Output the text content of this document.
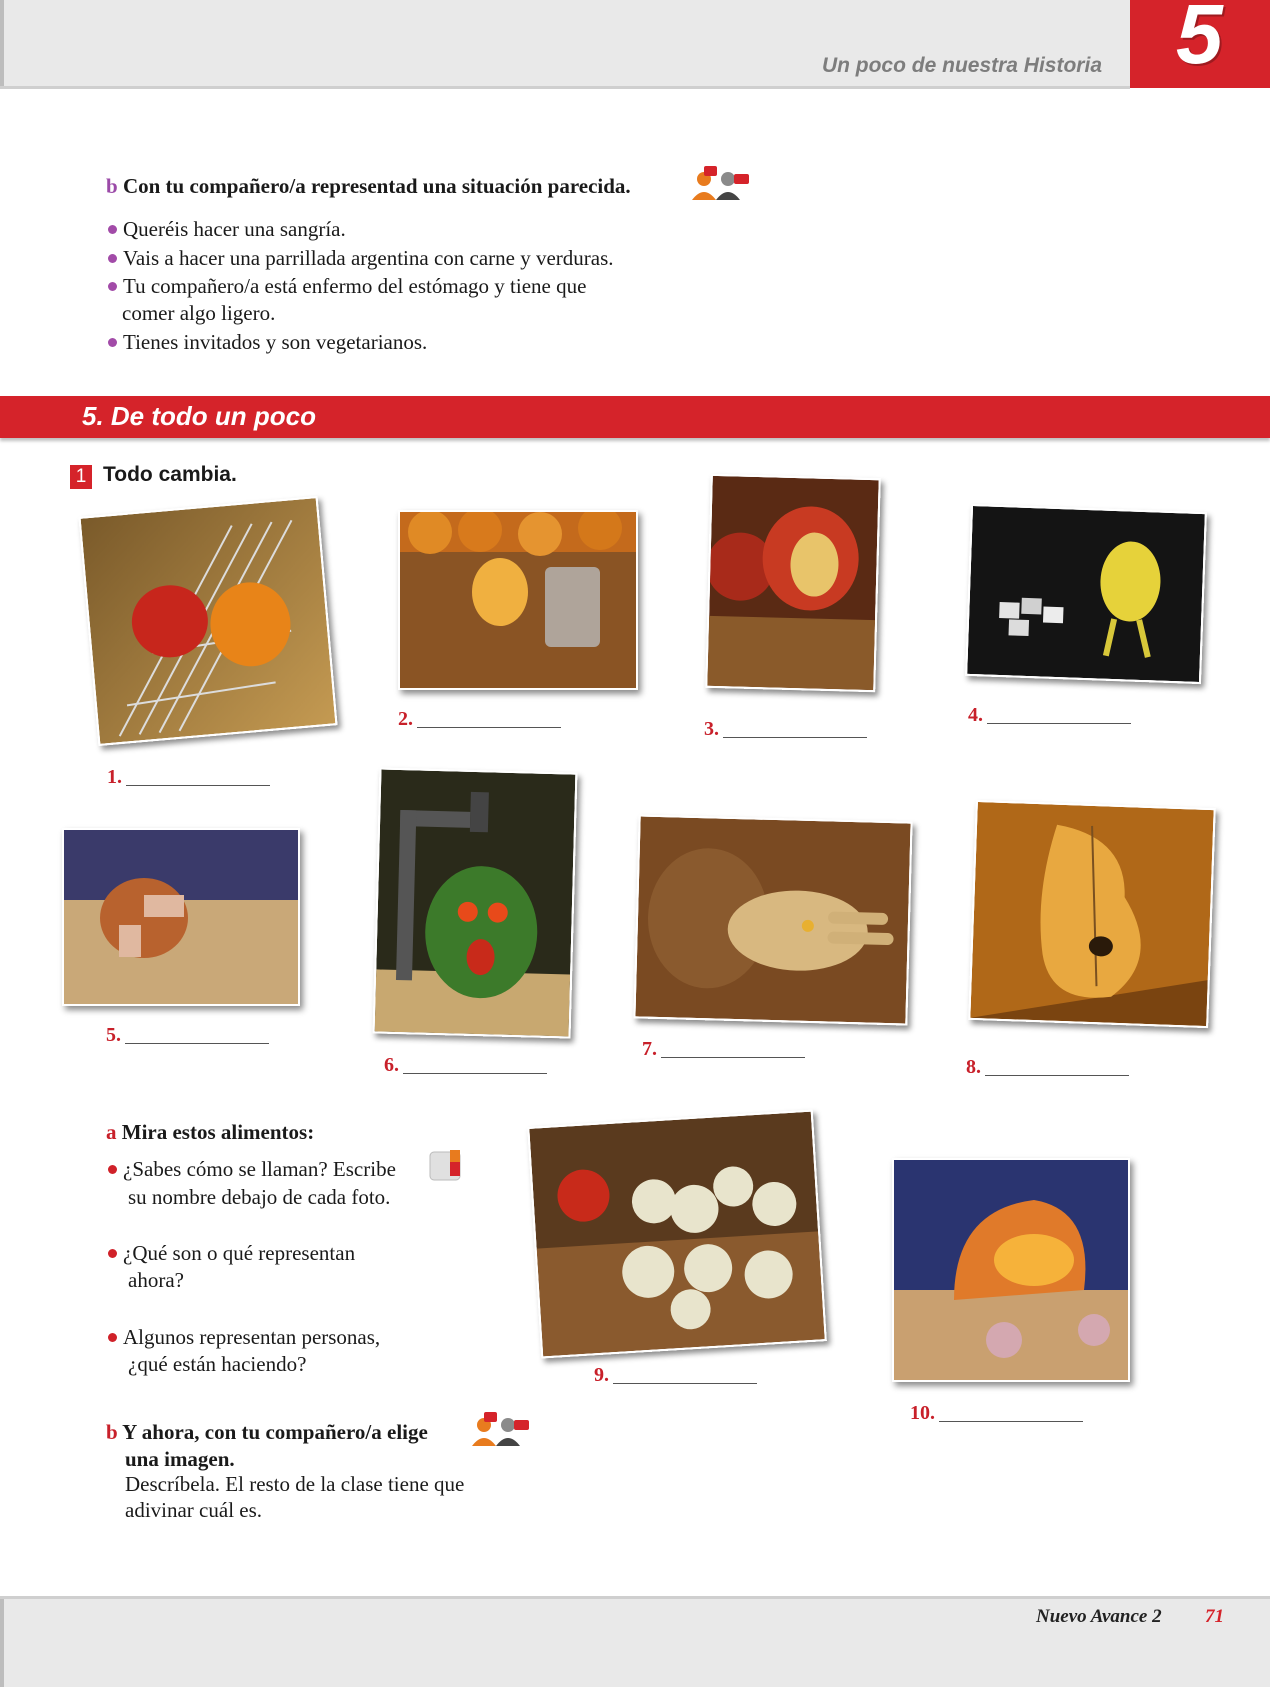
Un poco de nuestra Historia 5
b Con tu compañero/a representad una situación parecida.
Queréis hacer una sangría.
Vais a hacer una parrillada argentina con carne y verduras.
Tu compañero/a está enfermo del estómago y tiene que
comer algo ligero.
Tienes invitados y son vegetarianos.
5. De todo un poco
1 Todo cambia.
1.
2.	3.
4.
5.
6.
7.
8.
a Mira estos alimentos:
¿Sabes cómo se llaman? Escribe
su nombre debajo de cada foto.
¿Qué son o qué representan
ahora?
Algunos representan personas,
¿qué están haciendo?
b Y ahora, con tu compañero/a elige
una imagen.
Descríbela. El resto de la clase tiene que
adivinar cuál es.
9.
10.
Nuevo Avance 2 71
